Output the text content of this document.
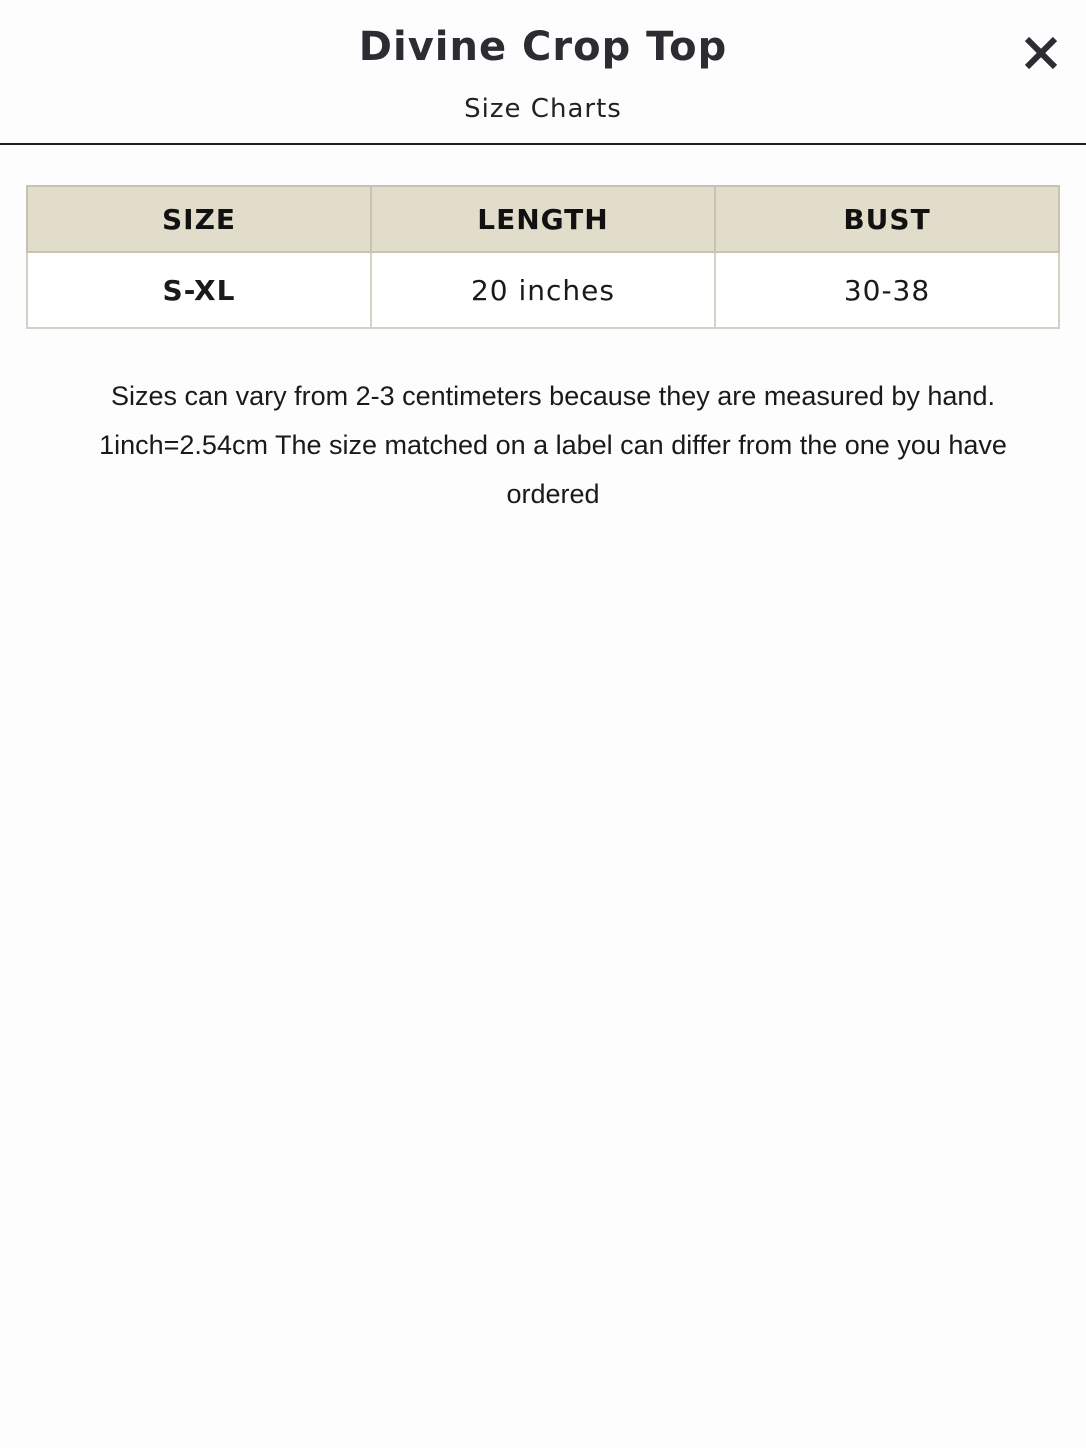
Divine Crop Top

Size Charts

SIZE	LENGTH	BUST
S-XL	20 inches	30-38

Sizes can vary from 2-3 centimeters because they are measured by hand. 1inch=2.54cm The size matched on a label can differ from the one you have ordered
